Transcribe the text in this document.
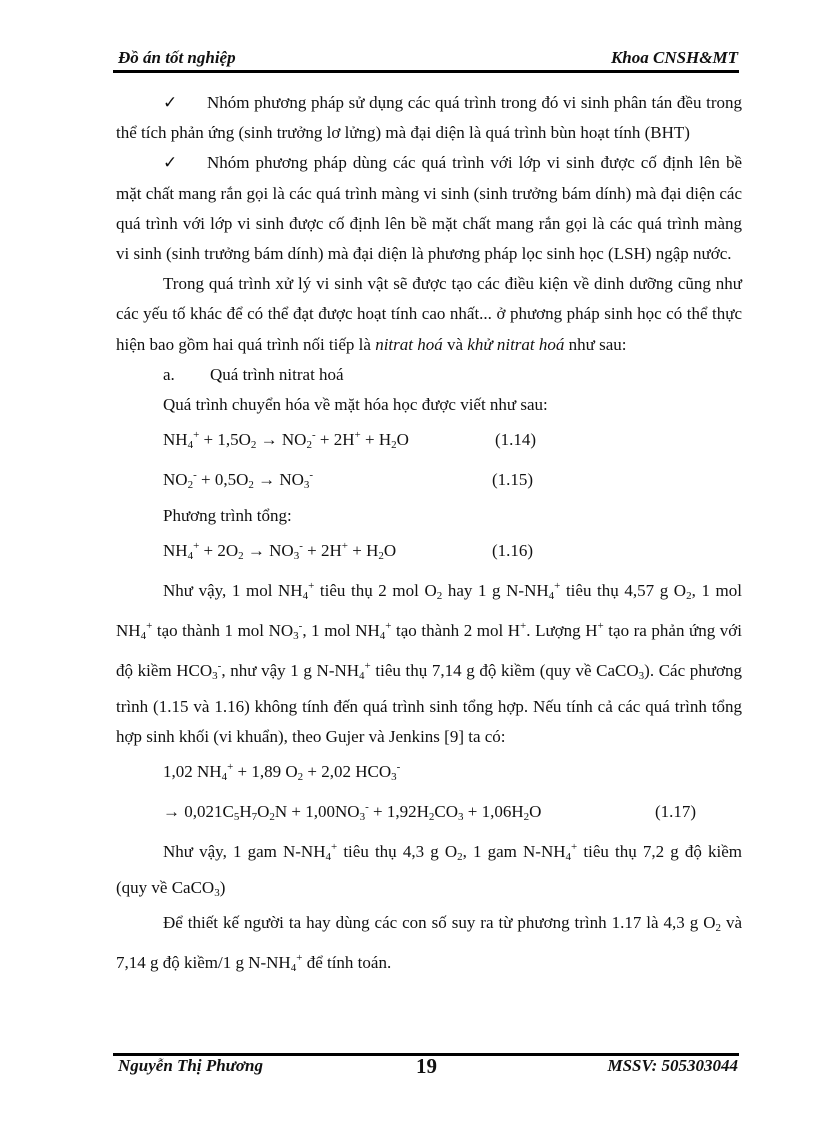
Đồ án tốt nghiệp	Khoa CNSH&MT

✓ Nhóm phương pháp sử dụng các quá trình trong đó vi sinh phân tán đều trong thể tích phản ứng (sinh trưởng lơ lửng) mà đại diện là quá trình bùn hoạt tính (BHT)

✓ Nhóm phương pháp dùng các quá trình với lớp vi sinh được cố định lên bề mặt chất mang rắn gọi là các quá trình màng vi sinh (sinh trưởng bám dính) mà đại diện các quá trình với lớp vi sinh được cố định lên bề mặt chất mang rắn gọi là các quá trình màng vi sinh (sinh trưởng bám dính) mà đại diện là phương pháp lọc sinh học (LSH) ngập nước.

Trong quá trình xử lý vi sinh vật sẽ được tạo các điều kiện về dinh dưỡng cũng như các yếu tố khác để có thể đạt được hoạt tính cao nhất... ở phương pháp sinh học có thể thực hiện bao gồm hai quá trình nối tiếp là nitrat hoá và khử nitrat hoá như sau:

a. Quá trình nitrat hoá

Quá trình chuyển hóa về mặt hóa học được viết như sau:

$NH_4^+ + 1,5O_2 \to NO_2^- + 2H^+ + H_2O$	(1.14)

$NO_2^- + 0,5O_2 \to NO_3^-$	(1.15)

Phương trình tổng:

$NH_4^+ + 2O_2 \to NO_3^- + 2H^+ + H_2O$	(1.16)

Như vậy, 1 mol $NH_4^+$ tiêu thụ 2 mol $O_2$ hay 1 g $N-NH_4^+$ tiêu thụ 4,57 g $O_2$, 1 mol $NH_4^+$ tạo thành 1 mol $NO_3^-$, 1 mol $NH_4^+$ tạo thành 2 mol H+. Lượng H+ tạo ra phản ứng với độ kiềm $HCO_3^-$, như vậy 1 g $N-NH_4^+$ tiêu thụ 7,14 g độ kiềm (quy về CaCO$_3$). Các phương trình (1.15 và 1.16) không tính đến quá trình sinh tổng hợp. Nếu tính cả các quá trình tổng hợp sinh khối (vi khuẩn), theo Gujer và Jenkins [9] ta có:

1,02 $NH_4^+ + 1,89$ $O_2 + 2,02$ $HCO_3^-$

→ $0,021C_5H_7O_2N + 1,00NO_3^- + 1,92H_2CO_3 + 1,06H_2O$	(1.17)

Như vậy, 1 gam $N-NH_4^+$ tiêu thụ 4,3 g $O_2$, 1 gam $N-NH_4^+$ tiêu thụ 7,2 g độ kiềm (quy về CaCO$_3$)

Để thiết kế người ta hay dùng các con số suy ra từ phương trình 1.17 là 4,3 g $O_2$ và 7,14 g độ kiềm/1 g $N-NH_4^+$ để tính toán.

Nguyễn Thị Phương	19	MSSV: 505303044
